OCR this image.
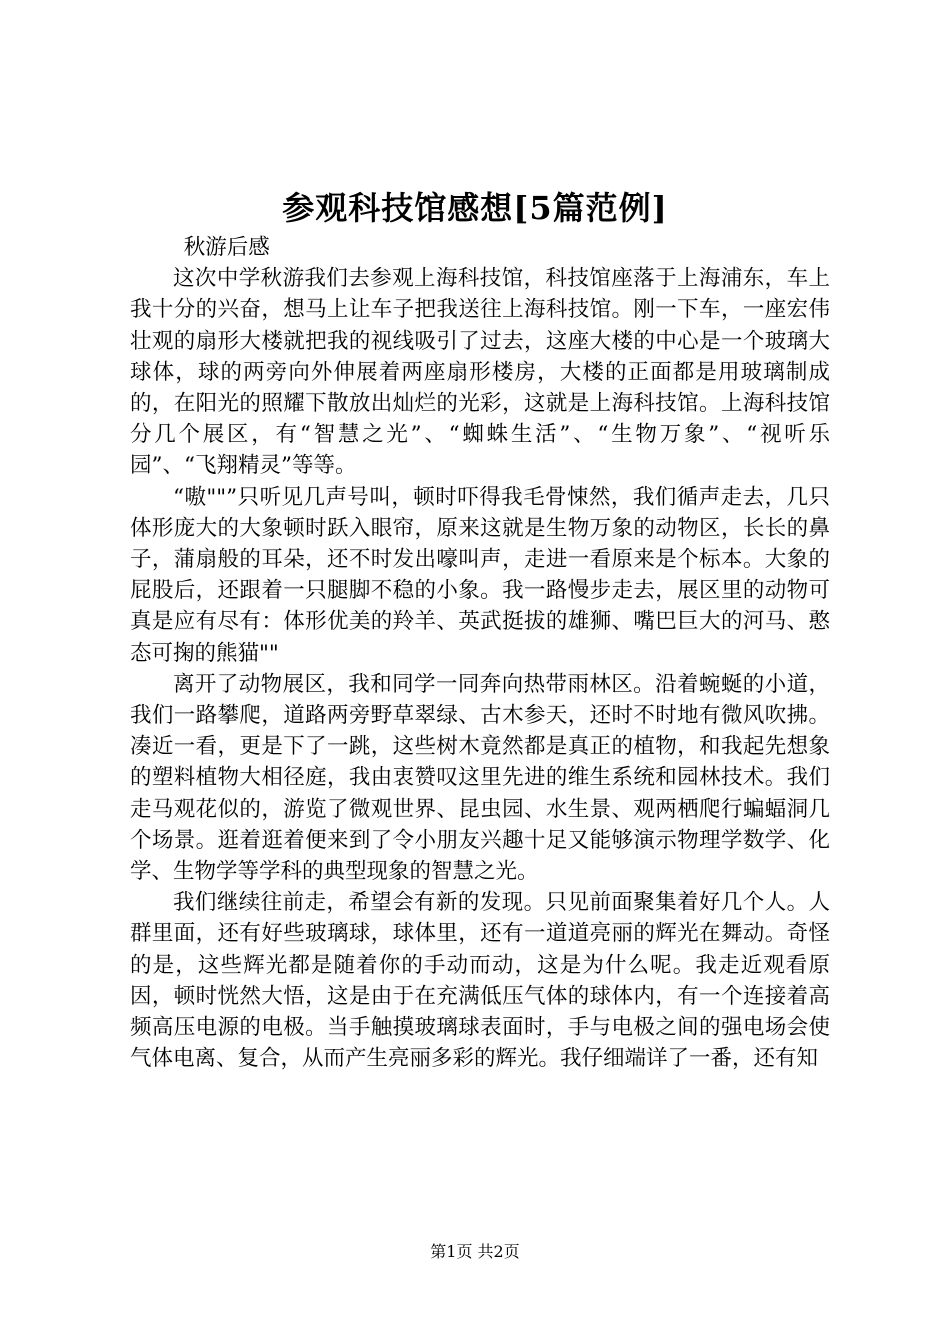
参观科技馆感想[5篇范例]

秋游后感

这次中学秋游我们去参观上海科技馆，科技馆座落于上海浦东，车上我十分的兴奋，想马上让车子把我送往上海科技馆。刚一下车，一座宏伟壮观的扇形大楼就把我的视线吸引了过去，这座大楼的中心是一个玻璃大球体，球的两旁向外伸展着两座扇形楼房，大楼的正面都是用玻璃制成的，在阳光的照耀下散放出灿烂的光彩，这就是上海科技馆。上海科技馆分几个展区，有“智慧之光”、“蜘蛛生活”、“生物万象”、“视听乐园”、“飞翔精灵”等等。

“嗷""”只听见几声号叫，顿时吓得我毛骨悚然，我们循声走去，几只体形庞大的大象顿时跃入眼帘，原来这就是生物万象的动物区，长长的鼻子，蒲扇般的耳朵，还不时发出嚎叫声，走进一看原来是个标本。大象的屁股后，还跟着一只腿脚不稳的小象。我一路慢步走去，展区里的动物可真是应有尽有：体形优美的羚羊、英武挺拔的雄狮、嘴巴巨大的河马、憨态可掬的熊猫""

离开了动物展区，我和同学一同奔向热带雨林区。沿着蜿蜒的小道，我们一路攀爬，道路两旁野草翠绿、古木参天，还时不时地有微风吹拂。凑近一看，更是下了一跳，这些树木竟然都是真正的植物，和我起先想象的塑料植物大相径庭，我由衷赞叹这里先进的维生系统和园林技术。我们走马观花似的，游览了微观世界、昆虫园、水生景、观两栖爬行蝙蝠洞几个场景。逛着逛着便来到了令小朋友兴趣十足又能够演示物理学数学、化学、生物学等学科的典型现象的智慧之光。

我们继续往前走，希望会有新的发现。只见前面聚集着好几个人。人群里面，还有好些玻璃球，球体里，还有一道道亮丽的辉光在舞动。奇怪的是，这些辉光都是随着你的手动而动，这是为什么呢。我走近观看原因，顿时恍然大悟，这是由于在充满低压气体的球体内，有一个连接着高频高压电源的电极。当手触摸玻璃球表面时，手与电极之间的强电场会使气体电离、复合，从而产生亮丽多彩的辉光。我仔细端详了一番，还有知

第1页 共2页
